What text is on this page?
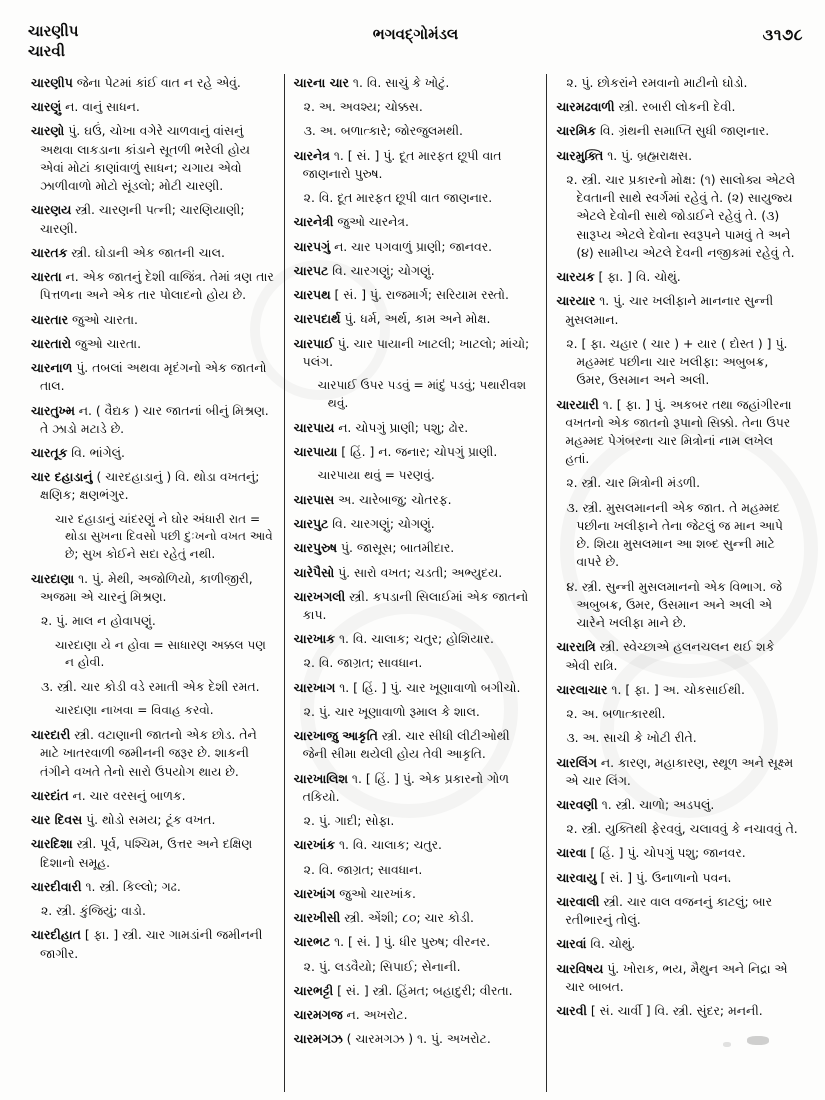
ચારણીપ
ચારવી
ભગવદ્‌ગોમંડલ	૩૧૭૮

ચારણીપ જેના પેટમાં કાંઈ વાત ન રહે એવું.

ચારણું ન. વાનું સાધન.

ચારણો પું. ઘઉં, ચોખા વગેરે ચાળવાનું વાંસનું અથવા લાકડાના કાંડાને સૂતળી ભરેલી હોય એવાં મોટાં કાણાંવાળું સાધન; ચગાય એવો ઝાળીવાળો મોટો સૂંડલો; મોટી ચારણી.

ચારણય સ્ત્રી. ચારણની પત્ની; ચારણિયાણી; ચારણી.

ચારતક સ્ત્રી. ઘોડાની એક જાતની ચાલ.

ચારતા ન. એક જાતનું દેશી વાજિંત્ર. તેમાં ત્રણ તાર પિત્તળના અને એક તાર પોલાદનો હોય છે.

ચારતાર જુઓ ચારતા.

ચારતારો જુઓ ચારતા.

ચારનાળ પું. તબલાં અથવા મૃદંગનો એક જાતનો તાલ.

ચારતુખ્મ ન. ( વૈદ્યક ) ચાર જાતનાં બીનું મિશ્રણ. તે ઝાડો મટાડે છે.

ચારતૂક વિ. ભાંગેલું.

ચાર દહાડાનું ( ચારદહાડાનું ) વિ. થોડા વખતનું; ક્ષણિક; ક્ષણભંગુર.

ચાર દહાડાનું ચાંદરણું ને ઘોર અંધારી રાત = થોડા સુખના દિવસો પછી દુઃખનો વખત આવે છે; સુખ કોઈને સદા રહેતું નથી.

ચારદાણા ૧. પું. મેથી, અજોળિયો, કાળીજીરી, અજમા એ ચારનું મિશ્રણ.

૨. પું. માલ ન હોવાપણું.

ચારદાણા યે ન હોવા = સાધારણ અક્કલ પણ ન હોવી.

૩. સ્ત્રી. ચાર કોડી વડે રમાતી એક દેશી રમત.

ચારદાણા નાખવા = વિવાહ કરવો.

ચારદારી સ્ત્રી. વટાણાની જાતનો એક છોડ. તેને માટે ખાતરવાળી જમીનની જરૂર છે. શાકની તંગીને વખતે તેનો સારો ઉપયોગ થાય છે.

ચારદાંત ન. ચાર વરસનું બાળક.

ચાર દિવસ પું. થોડો સમય; ટૂંક વખત.

ચારદિશા સ્ત્રી. પૂર્વ, પશ્ચિમ, ઉત્તર અને દક્ષિણ દિશાનો સમૂહ.

ચારદીવારી ૧. સ્ત્રી. કિલ્લો; ગઢ.

૨. સ્ત્રી. કુંજિયું; વાડો.

ચારદીહાત [ ફા. ] સ્ત્રી. ચાર ગામડાંની જમીનની જાગીર.

ચારના ચાર ૧. વિ. સાચું કે ખોટું.

૨. અ. અવશ્ય; ચોક્કસ.

૩. અ. બળાત્કારે; જોરજુલમથી.

ચારનેત્ર ૧. [ સં. ] પું. દૂત મારફત છૂપી વાત જાણનારો પુરુષ.

૨. વિ. દૂત મારફત છૂપી વાત જાણનાર.

ચારનેત્રી જુઓ ચારનેત્ર.

ચારપગું ન. ચાર પગવાળું પ્રાણી; જાનવર.

ચારપટ વિ. ચારગણું; ચોગણું.

ચારપથ [ સં. ] પું. રાજમાર્ગ; સરિયામ રસ્તો.

ચારપદાર્થ પું. ધર્મ, અર્થ, કામ અને મોક્ષ.

ચારપાઈ પું. ચાર પાયાની ખાટલી; ખાટલો; માંચો; પલંગ.

ચારપાઈ ઉપર પડવું = માંદું પડવું; પથારીવશ થવું.

ચારપાય ન. ચોપગું પ્રાણી; પશુ; ઢોર.

ચારપાયા [ હિં. ] ન. જનાર; ચોપગું પ્રાણી.

ચારપાયા થવું = પરણવું.

ચારપાસ અ. ચારેબાજુ; ચોતરફ.

ચારપુટ વિ. ચારગણું; ચોગણું.

ચારપુરુષ પું. જાસૂસ; બાતમીદાર.

ચારેપૈસો પું. સારો વખત; ચડતી; અભ્યુદય.

ચારખગલી સ્ત્રી. કપડાની સિલાઈમાં એક જાતનો કાપ.

ચારખાક ૧. વિ. ચાલાક; ચતુર; હોશિયાર.

૨. વિ. જાગ્રત; સાવધાન.

ચારખાગ ૧. [ હિં. ] પું. ચાર ખૂણાવાળો બગીચો.

૨. પું. ચાર ખૂણાવાળો રૂમાલ કે શાલ.

ચારખાજુ આકૃતિ સ્ત્રી. ચાર સીધી લીટીઓથી જેની સીમા થયેલી હોય તેવી આકૃતિ.

ચારખાલિશ ૧. [ હિં. ] પું. એક પ્રકારનો ગોળ તકિયો.

૨. પું. ગાદી; સોફા.

ચારખાંક ૧. વિ. ચાલાક; ચતુર.

૨. વિ. જાગ્રત; સાવધાન.

ચારખાંગ જુઓ ચારખાંક.

ચારખીસી સ્ત્રી. એંશી; ૮૦; ચાર કોડી.

ચારભટ ૧. [ સં. ] પું. ધીર પુરુષ; વીરનર.

૨. પું. લડવૈયો; સિપાઈ; સેનાની.

ચારભટ્ટી [ સં. ] સ્ત્રી. હિંમત; બહાદુરી; વીરતા.

ચારમગજ ન. અખરોટ.

ચારમગઝ ( ચારમગઝ ) ૧. પું. અખરોટ.

૨. પું. છોકરાંને રમવાનો માટીનો ઘોડો.

ચારમઢવાળી સ્ત્રી. રબારી લોકની દેવી.

ચારમિક વિ. ગ્રંથની સમાપ્તિ સુધી જાણનાર.

ચારમુક્તિ ૧. પું. બ્રહ્મરાક્ષસ.

૨. સ્ત્રી. ચાર પ્રકારનો મોક્ષ: (૧) સાલોક્ય એટલે દેવતાની સાથે સ્વર્ગમાં રહેવું તે. (૨) સાયુજ્ય એટલે દેવોની સાથે જોડાઈને રહેવું તે. (૩) સારૂપ્ય એટલે દેવોના સ્વરૂપને પામવું તે અને (૪) સામીપ્ય એટલે દેવની નજીકમાં રહેવું તે.

ચારયક [ ફા. ] વિ. ચોથું.

ચારયાર ૧. પું. ચાર ખલીફાને માનનાર સુન્ની મુસલમાન.

૨. [ ફા. ચહાર ( ચાર ) + યાર ( દોસ્ત ) ] પું. મહમ્મદ પછીના ચાર ખલીફા: અબુબક્ર, ઉમર, ઉસમાન અને અલી.

ચારયારી ૧. [ ફા. ] પું. અકબર તથા જહાંગીરના વખતનો એક જાતનો રૂપાનો સિક્કો. તેના ઉપર મહમ્મદ પેગંબરના ચાર મિત્રોનાં નામ લખેલ હતાં.

૨. સ્ત્રી. ચાર મિત્રોની મંડળી.

૩. સ્ત્રી. મુસલમાનની એક જાત. તે મહમ્મદ પછીના ખલીફાને તેના જેટલું જ માન આપે છે. શિયા મુસલમાન આ શબ્દ સુન્ની માટે વાપરે છે.

૪. સ્ત્રી. સુન્ની મુસલમાનનો એક વિભાગ. જે અબુબક્ર, ઉમર, ઉસમાન અને અલી એ ચારેને ખલીફા માને છે.

ચારરાત્રિ સ્ત્રી. સ્વેચ્છાએ હલનચલન થઈ શકે એવી રાત્રિ.

ચારલાચાર ૧. [ ફા. ] અ. ચોકસાઈથી.

૨. અ. બળાત્કારથી.

૩. અ. સાચી કે ખોટી રીતે.

ચારલિંગ ન. કારણ, મહાકારણ, સ્થૂળ અને સૂક્ષ્મ એ ચાર લિંગ.

ચારવણી ૧. સ્ત્રી. ચાળો; અડપલું.

૨. સ્ત્રી. યુક્તિથી ફેરવવું, ચલાવવું કે નચાવવું તે.

ચારવા [ હિં. ] પું. ચોપગું પશુ; જાનવર.

ચારવાયુ [ સં. ] પું. ઉનાળાનો પવન.

ચારવાલી સ્ત્રી. ચાર વાલ વજનનું કાટલું; બાર રતીભારનું તોલું.

ચારવાં વિ. ચોથું.

ચારવિષય પું. ખોરાક, ભય, મૈથુન અને નિદ્રા એ ચાર બાબત.

ચારવી [ સં. ચાર્વી ] વિ. સ્ત્રી. સુંદર; મનની.
